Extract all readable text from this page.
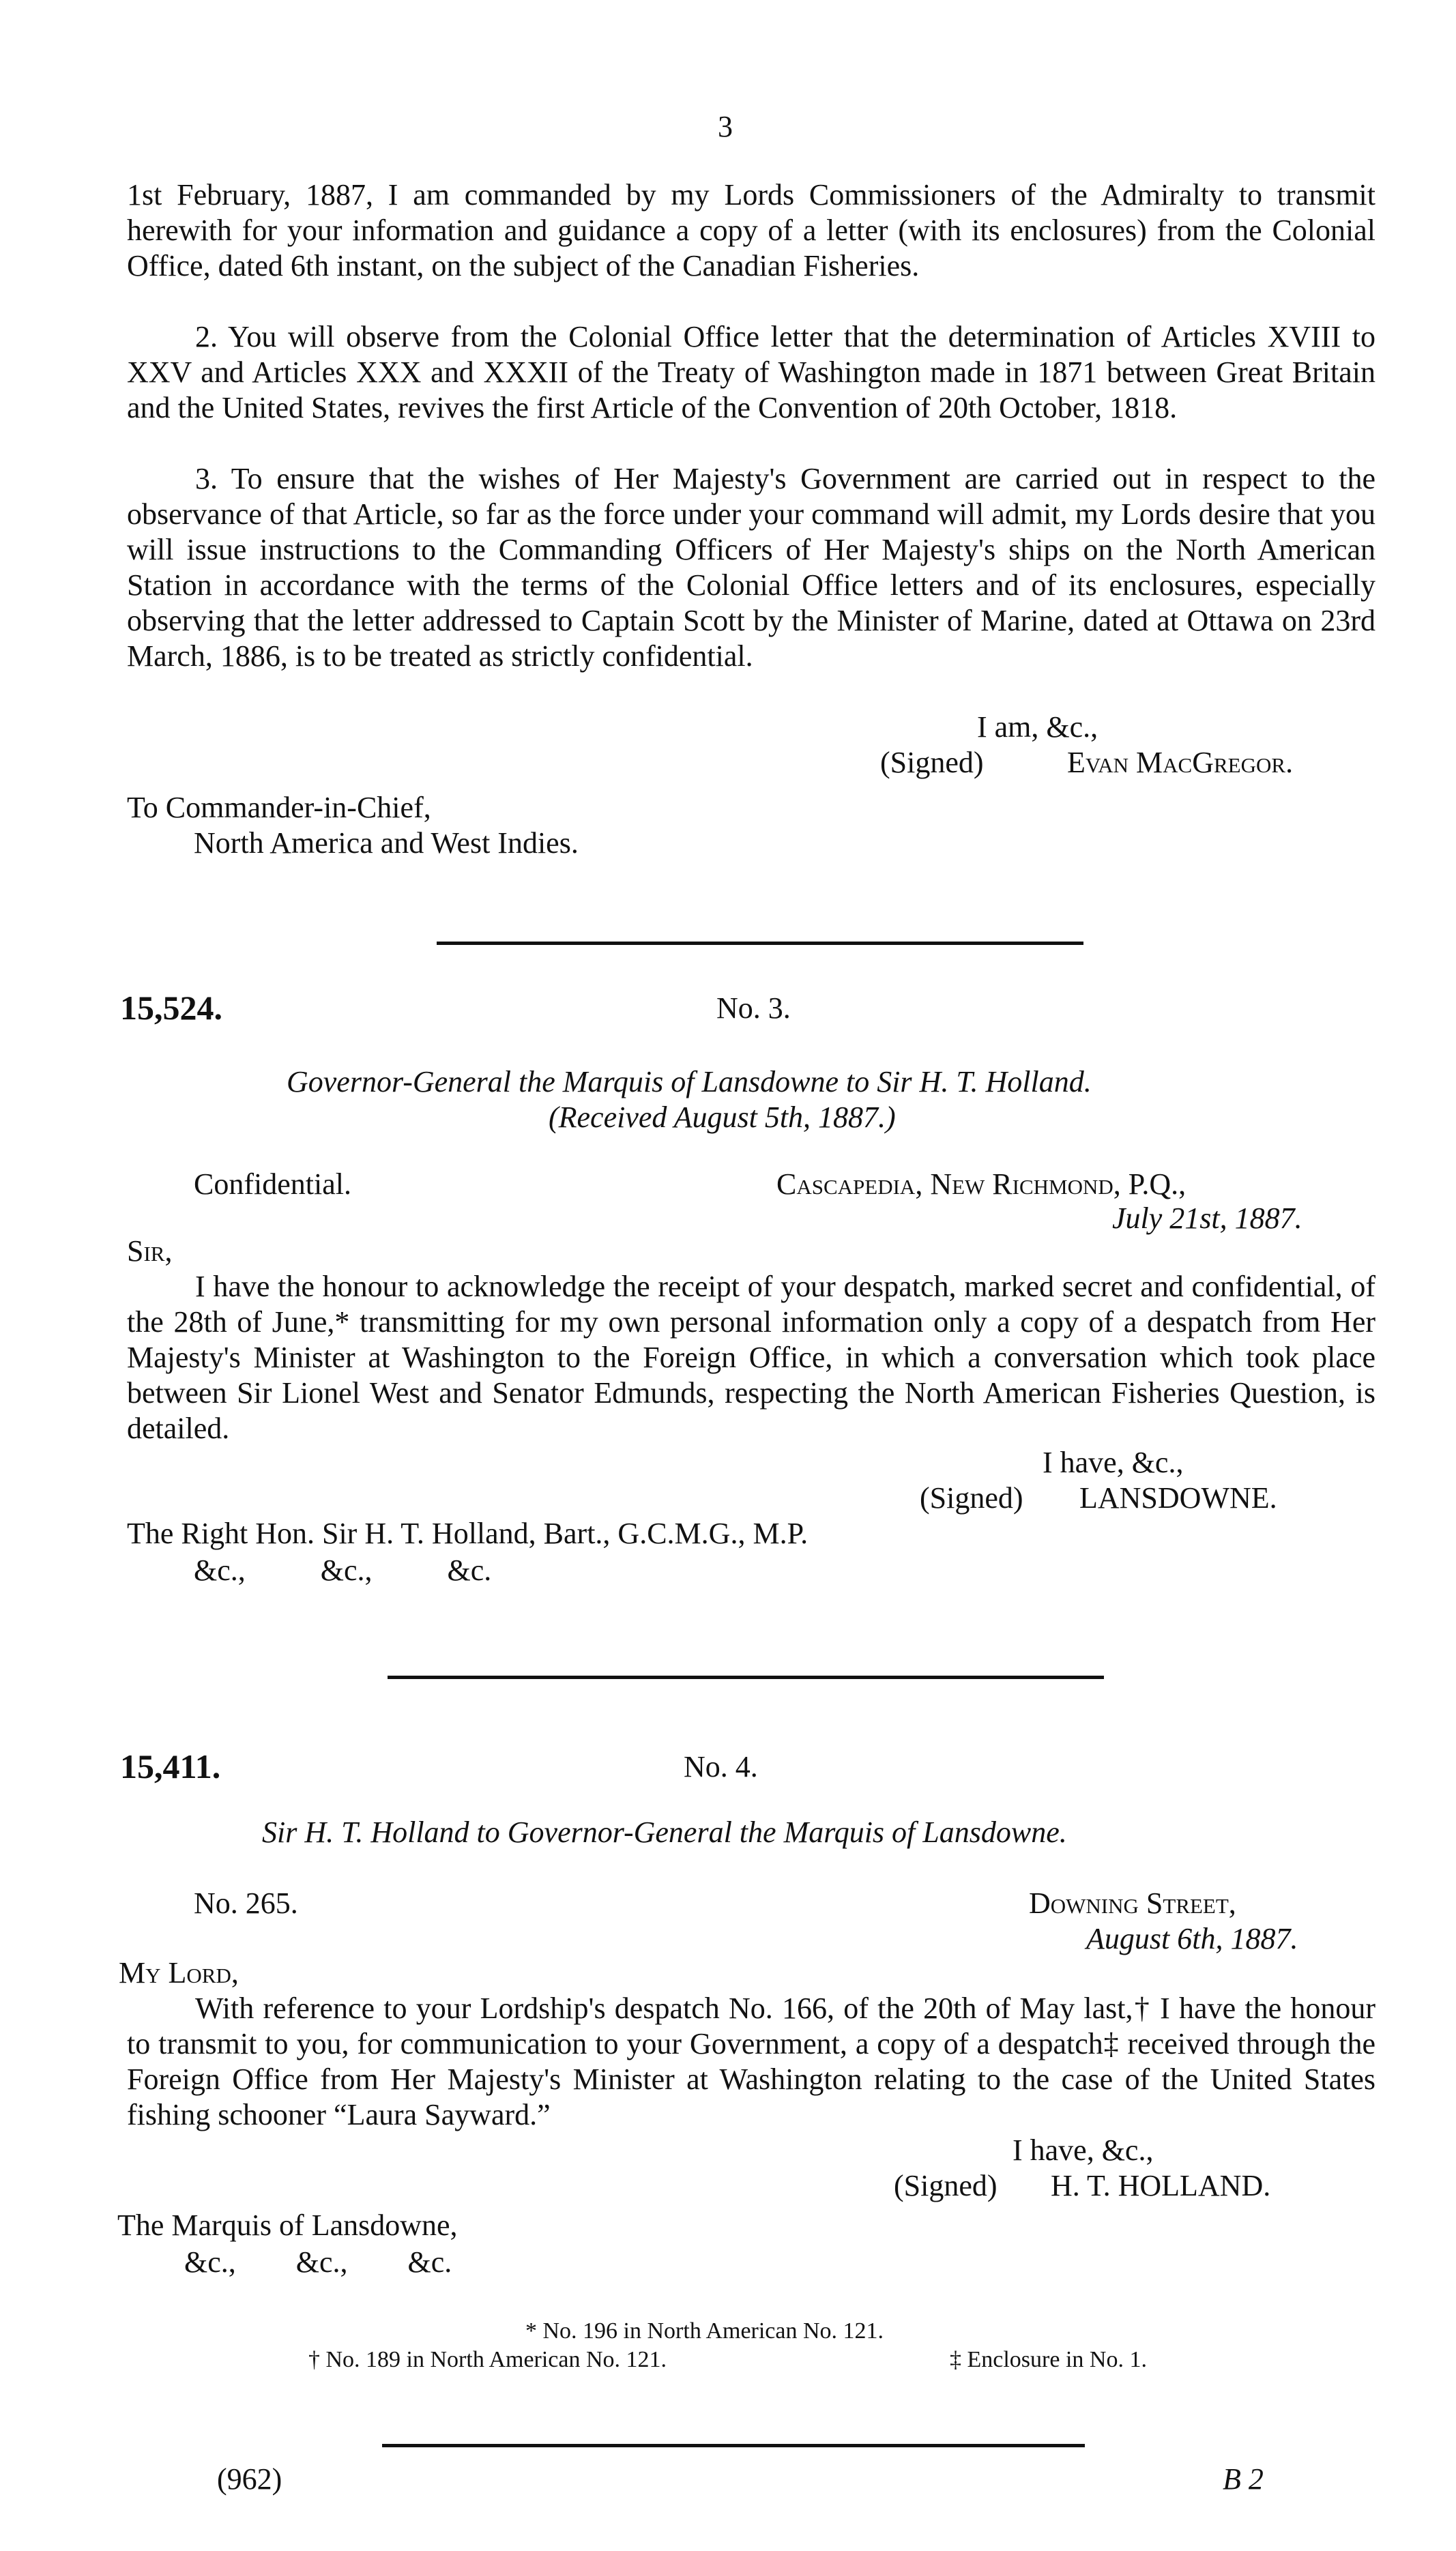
3
1st February, 1887, I am commanded by my Lords Commissioners of the Admiralty to transmit herewith for your information and guidance a copy of a letter (with its enclosures) from the Colonial Office, dated 6th instant, on the subject of the Canadian Fisheries.
2. You will observe from the Colonial Office letter that the determination of Articles XVIII to XXV and Articles XXX and XXXII of the Treaty of Washington made in 1871 between Great Britain and the United States, revives the first Article of the Convention of 20th October, 1818.
3. To ensure that the wishes of Her Majesty's Government are carried out in respect to the observance of that Article, so far as the force under your command will admit, my Lords desire that you will issue instructions to the Commanding Officers of Her Majesty's ships on the North American Station in accordance with the terms of the Colonial Office letters and of its enclosures, especially observing that the letter addressed to Captain Scott by the Minister of Marine, dated at Ottawa on 23rd March, 1886, is to be treated as strictly confidential.
I am, &c.,
(Signed)	Evan MacGregor.
To Commander-in-Chief,
North America and West Indies.
15,524.	No. 3.
Governor-General the Marquis of Lansdowne to Sir H. T. Holland.
(Received August 5th, 1887.)
Confidential.	Cascapedia, New Richmond, P.Q.,
July 21st, 1887.
Sir,
I have the honour to acknowledge the receipt of your despatch, marked secret and confidential, of the 28th of June,* transmitting for my own personal information only a copy of a despatch from Her Majesty's Minister at Washington to the Foreign Office, in which a conversation which took place between Sir Lionel West and Senator Edmunds, respecting the North American Fisheries Question, is detailed.
I have, &c.,
(Signed) LANSDOWNE.
The Right Hon. Sir H. T. Holland, Bart., G.C.M.G., M.P.
&c.,          &c.,          &c.
15,411.	No. 4.
Sir H. T. Holland to Governor-General the Marquis of Lansdowne.
No. 265.	Downing Street,
August 6th, 1887.
My Lord,
With reference to your Lordship's despatch No. 166, of the 20th of May last,† I have the honour to transmit to you, for communication to your Government, a copy of a despatch‡ received through the Foreign Office from Her Majesty's Minister at Washington relating to the case of the United States fishing schooner “Laura Sayward.”
I have, &c.,
(Signed) H. T. HOLLAND.
The Marquis of Lansdowne,
&c.,        &c.,        &c.
* No. 196 in North American No. 121.
† No. 189 in North American No. 121.	‡ Enclosure in No. 1.
(962)	B 2
